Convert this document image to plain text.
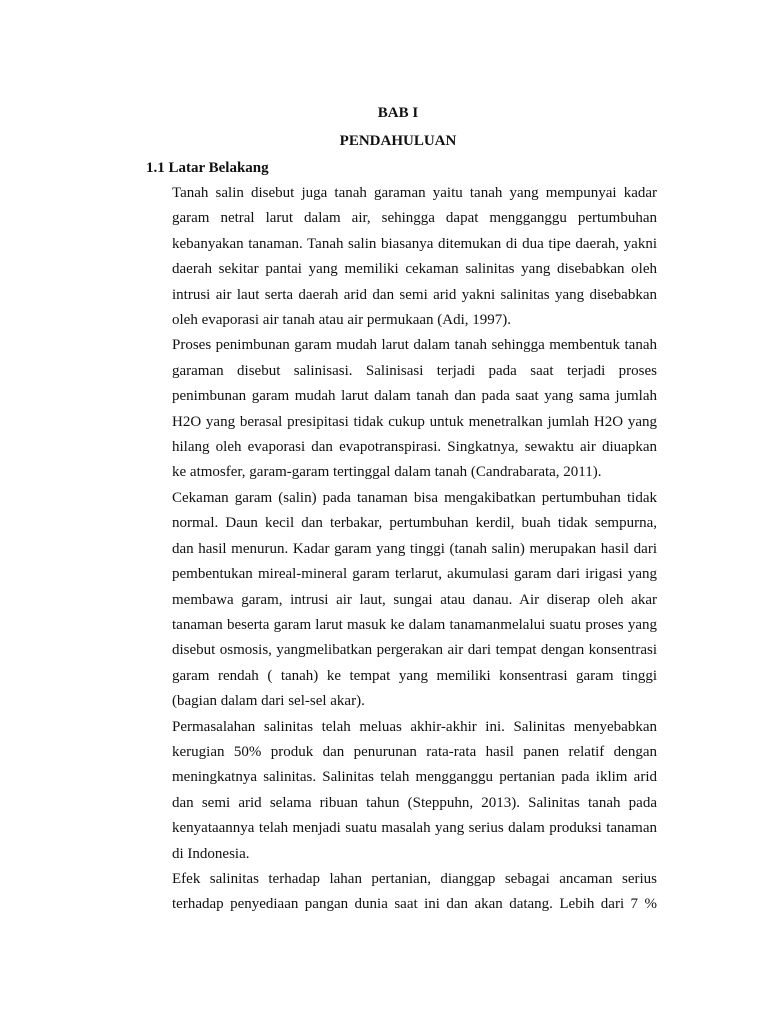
BAB I
PENDAHULUAN
1.1 Latar Belakang

Tanah salin disebut juga tanah garaman yaitu tanah yang mempunyai kadar
garam netral larut dalam air, sehingga dapat mengganggu pertumbuhan
kebanyakan tanaman. Tanah salin biasanya ditemukan di dua tipe daerah, yakni
daerah sekitar pantai yang memiliki cekaman salinitas yang disebabkan oleh
intrusi air laut serta daerah arid dan semi arid yakni salinitas yang disebabkan
oleh evaporasi air tanah atau air permukaan (Adi, 1997).

Proses penimbunan garam mudah larut dalam tanah sehingga membentuk tanah
garaman disebut salinisasi. Salinisasi terjadi pada saat terjadi proses
penimbunan garam mudah larut dalam tanah dan pada saat yang sama jumlah
H2O yang berasal presipitasi tidak cukup untuk menetralkan jumlah H2O yang
hilang oleh evaporasi dan evapotranspirasi. Singkatnya, sewaktu air diuapkan
ke atmosfer, garam-garam tertinggal dalam tanah (Candrabarata, 2011).

Cekaman garam (salin) pada tanaman bisa mengakibatkan pertumbuhan tidak
normal. Daun kecil dan terbakar, pertumbuhan kerdil, buah tidak sempurna,
dan hasil menurun. Kadar garam yang tinggi (tanah salin) merupakan hasil dari
pembentukan mireal-mineral garam terlarut, akumulasi garam dari irigasi yang
membawa garam, intrusi air laut, sungai atau danau. Air diserap oleh akar
tanaman beserta garam larut masuk ke dalam tanamanmelalui suatu proses yang
disebut osmosis, yangmelibatkan pergerakan air dari tempat dengan konsentrasi
garam rendah ( tanah) ke tempat yang memiliki konsentrasi garam tinggi
(bagian dalam dari sel-sel akar).

Permasalahan salinitas telah meluas akhir-akhir ini. Salinitas menyebabkan
kerugian 50% produk dan penurunan rata-rata hasil panen relatif dengan
meningkatnya salinitas. Salinitas telah mengganggu pertanian pada iklim arid
dan semi arid selama ribuan tahun (Steppuhn, 2013). Salinitas tanah pada
kenyataannya telah menjadi suatu masalah yang serius dalam produksi tanaman
di Indonesia.

Efek salinitas terhadap lahan pertanian, dianggap sebagai ancaman serius
terhadap penyediaan pangan dunia saat ini dan akan datang. Lebih dari 7 %
